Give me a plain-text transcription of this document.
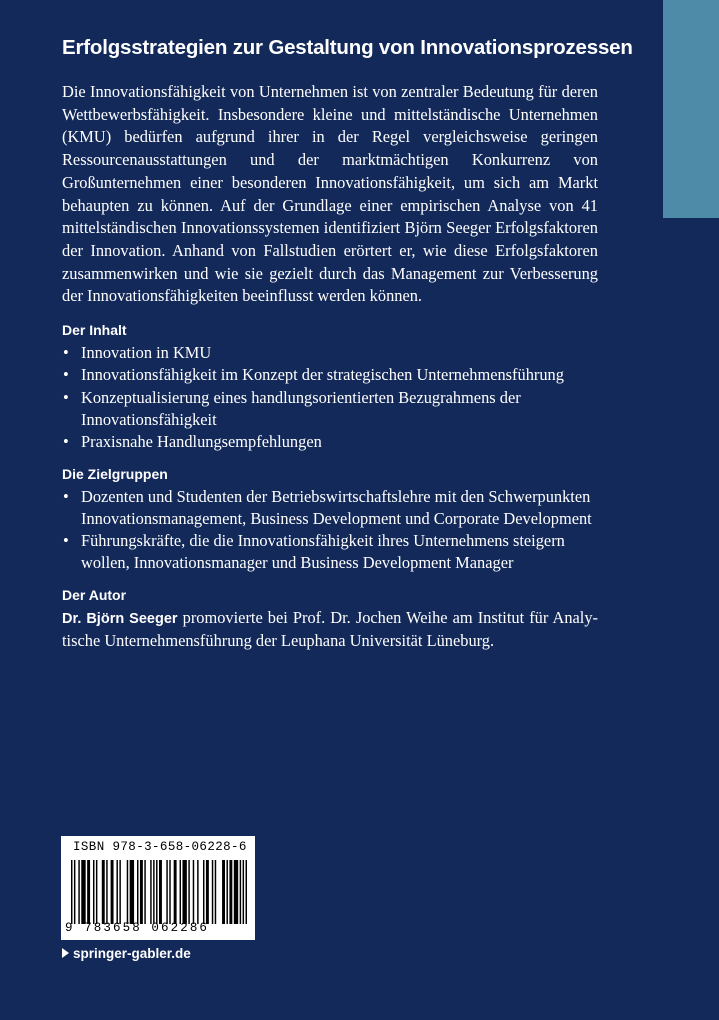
Erfolgsstrategien zur Gestaltung von Innovationsprozessen

Die Innovationsfähigkeit von Unternehmen ist von zentraler Bedeutung für deren Wettbewerbsfähigkeit. Insbesondere kleine und mittelständische Unternehmen (KMU) bedürfen aufgrund ihrer in der Regel vergleichsweise geringen Ressourcenausstattungen und der marktmächtigen Konkurrenz von Großunternehmen einer besonderen Innovationsfähigkeit, um sich am Markt behaupten zu können. Auf der Grundlage einer empirischen Analyse von 41 mittelständischen Innovationssystemen identifiziert Björn Seeger Erfolgsfaktoren der Innovation. Anhand von Fallstudien erörtert er, wie diese Erfolgsfaktoren zusammenwirken und wie sie gezielt durch das Management zur Verbesserung der Innovationsfähigkeiten beeinflusst werden können.

Der Inhalt
• Innovation in KMU
• Innovationsfähigkeit im Konzept der strategischen Unternehmensführung
• Konzeptualisierung eines handlungsorientierten Bezugrahmens der Innovationsfähigkeit
• Praxisnahe Handlungsempfehlungen
Die Zielgruppen
• Dozenten und Studenten der Betriebswirtschaftslehre mit den Schwerpunkten Innovationsmanagement, Business Development und Corporate Development
• Führungskräfte, die die Innovationsfähigkeit ihres Unternehmens steigern wollen, Innovationsmanager und Business Development Manager
Der Autor

Dr. Björn Seeger promovierte bei Prof. Dr. Jochen Weihe am Institut für Analytische Unternehmensführung der Leuphana Universität Lüneburg.

ISBN 978-3-658-06228-6
9 783658 062286
springer-gabler.de
